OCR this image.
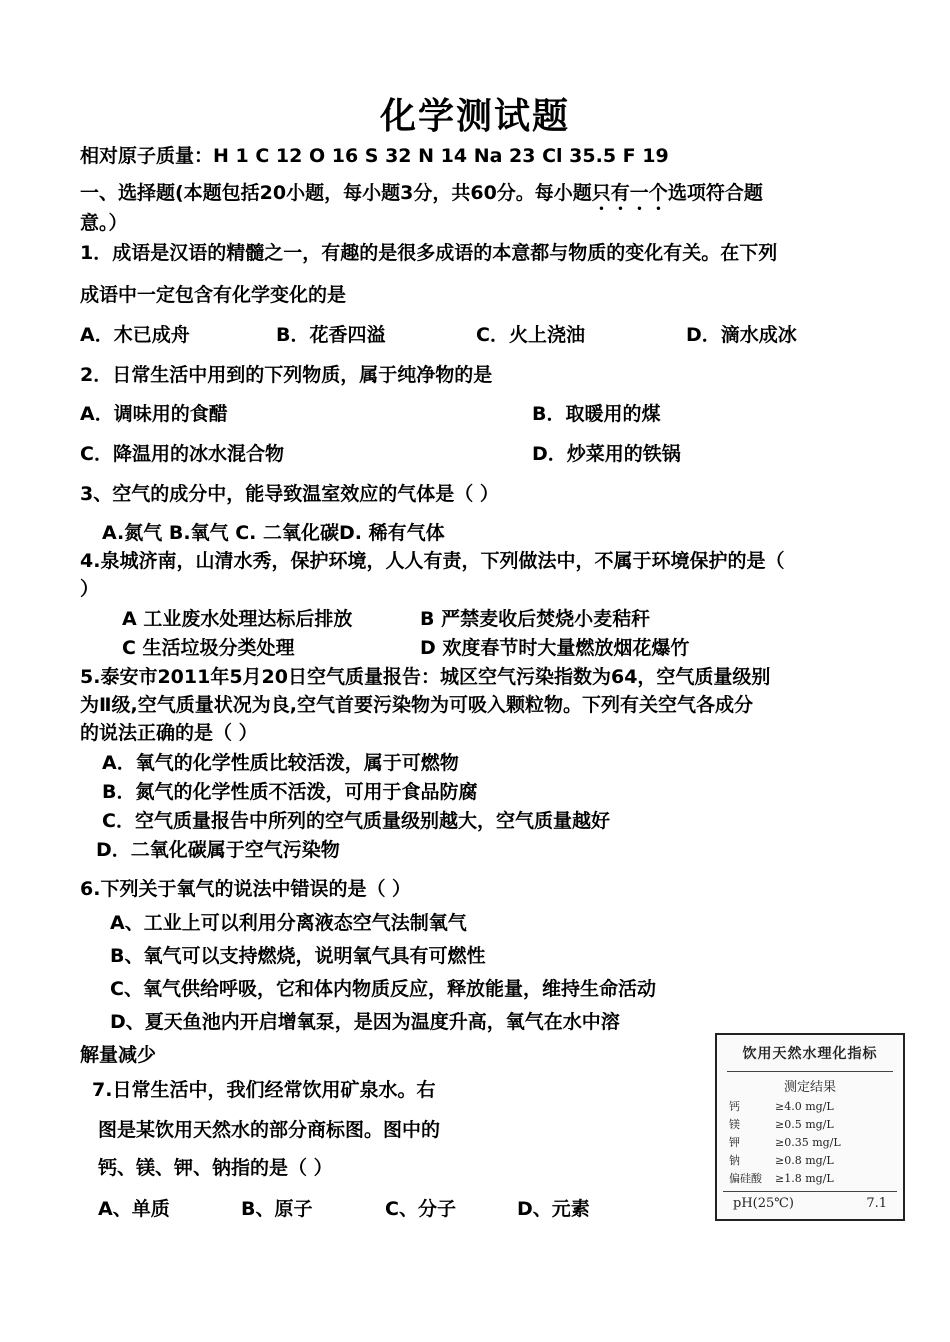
化学测试题
相对原子质量：H 1 C 12 O 16 S 32 N 14 Na 23 Cl 35.5 F 19
一、选择题(本题包括20小题，每小题3分，共60分。每小题只有一个选项符合题
意。）
1．成语是汉语的精髓之一，有趣的是很多成语的本意都与物质的变化有关。在下列
成语中一定包含有化学变化的是
A．木已成舟	B．花香四溢	C．火上浇油	D．滴水成冰
2．日常生活中用到的下列物质，属于纯净物的是
A．调味用的食醋	B．取暖用的煤
C．降温用的冰水混合物	D．炒菜用的铁锅
3、空气的成分中，能导致温室效应的气体是（ ）
A.氮气 B.氧气 C. 二氧化碳D. 稀有气体
4.泉城济南，山清水秀，保护环境，人人有责，下列做法中，不属于环境保护的是（
）
A 工业废水处理达标后排放	B 严禁麦收后焚烧小麦秸秆
C 生活垃圾分类处理	D 欢度春节时大量燃放烟花爆竹
5.泰安市2011年5月20日空气质量报告：城区空气污染指数为64，空气质量级别
为Ⅱ级,空气质量状况为良,空气首要污染物为可吸入颗粒物。下列有关空气各成分
的说法正确的是（ ）
A．氧气的化学性质比较活泼，属于可燃物
B．氮气的化学性质不活泼，可用于食品防腐
C．空气质量报告中所列的空气质量级别越大，空气质量越好
D．二氧化碳属于空气污染物
6.下列关于氧气的说法中错误的是（ ）
A、工业上可以利用分离液态空气法制氧气
B、氧气可以支持燃烧，说明氧气具有可燃性
C、氧气供给呼吸，它和体内物质反应，释放能量，维持生命活动
D、夏天鱼池内开启增氧泵，是因为温度升高，氧气在水中溶
解量减少
7.日常生活中，我们经常饮用矿泉水。右
图是某饮用天然水的部分商标图。图中的
钙、镁、钾、钠指的是（ ）
A、单质	B、原子	C、分子	D、元素
饮用天然水理化指标
测定结果
钙	≥4.0 mg/L
镁	≥0.5 mg/L
钾	≥0.35 mg/L
钠	≥0.8 mg/L
偏硅酸	≥1.8 mg/L
pH(25℃)	7.1
